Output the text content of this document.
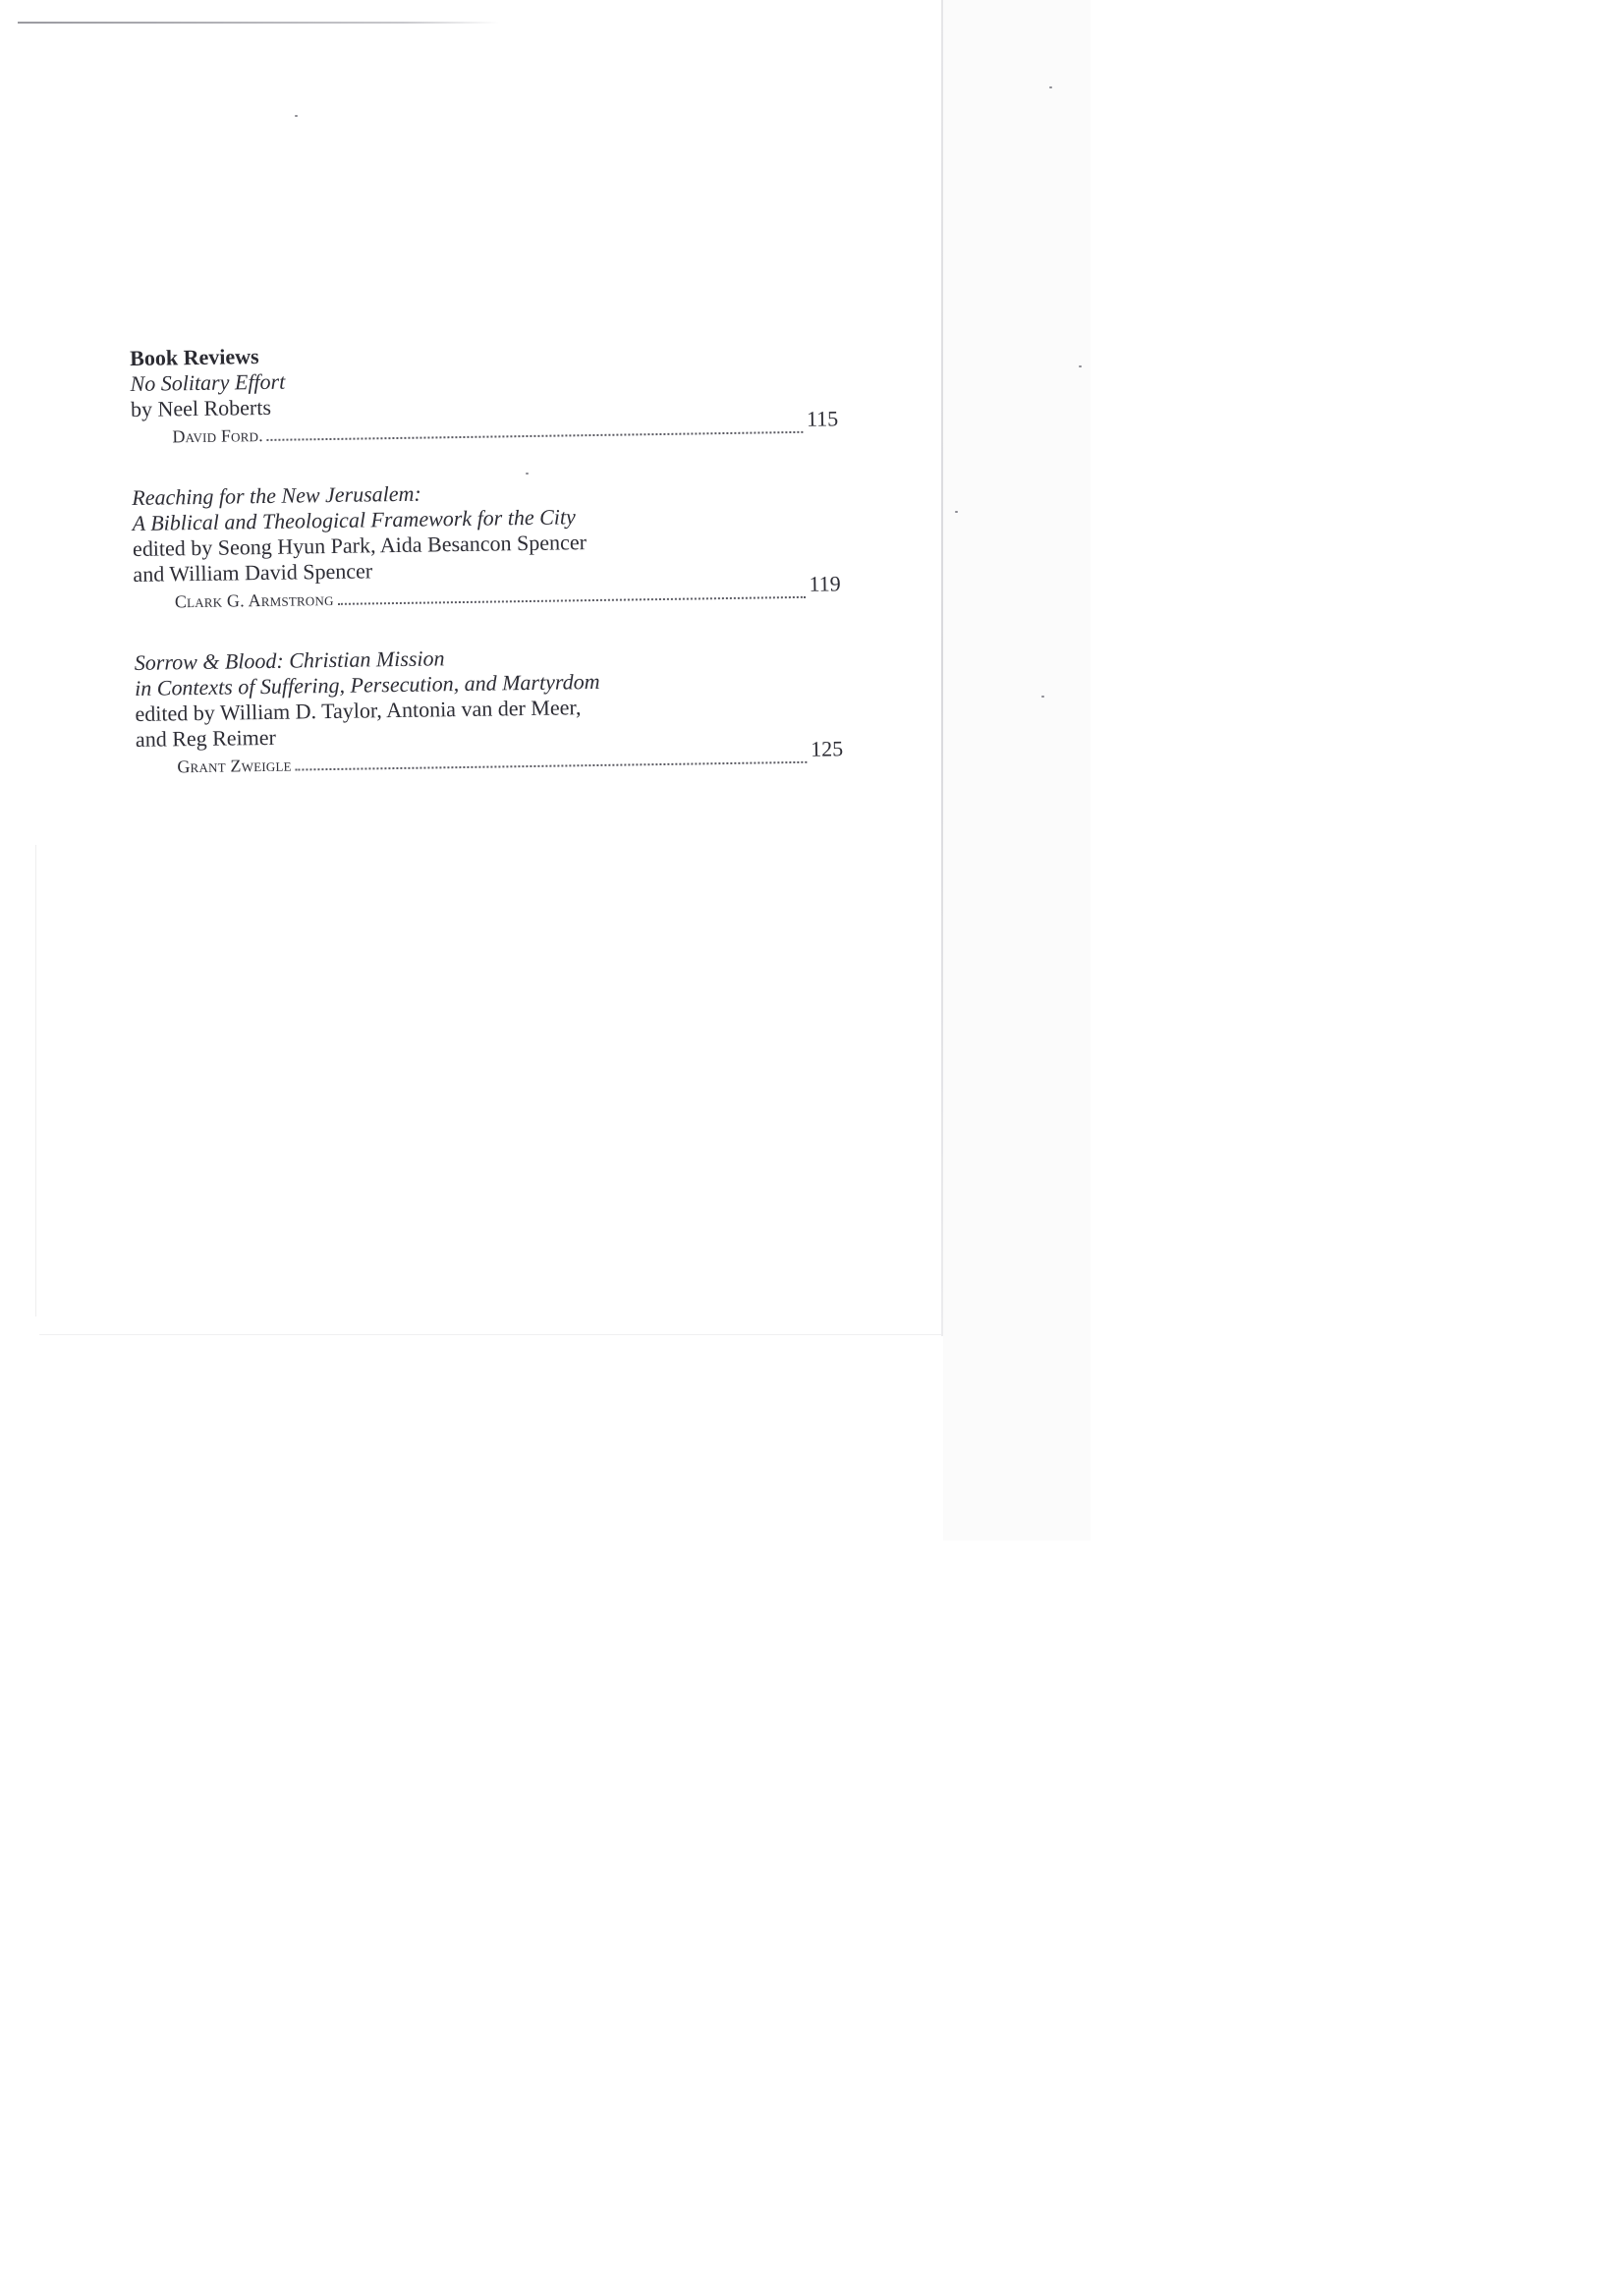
Book Reviews

No Solitary Effort
by Neel Roberts
David Ford.
115
Reaching for the New Jerusalem:
A Biblical and Theological Framework for the City
edited by Seong Hyun Park, Aida Besancon Spencer
and William David Spencer
Clark G. Armstrong
119
Sorrow & Blood: Christian Mission
in Contexts of Suffering, Persecution, and Martyrdom
edited by William D. Taylor, Antonia van der Meer,
and Reg Reimer
Grant Zweigle
125
